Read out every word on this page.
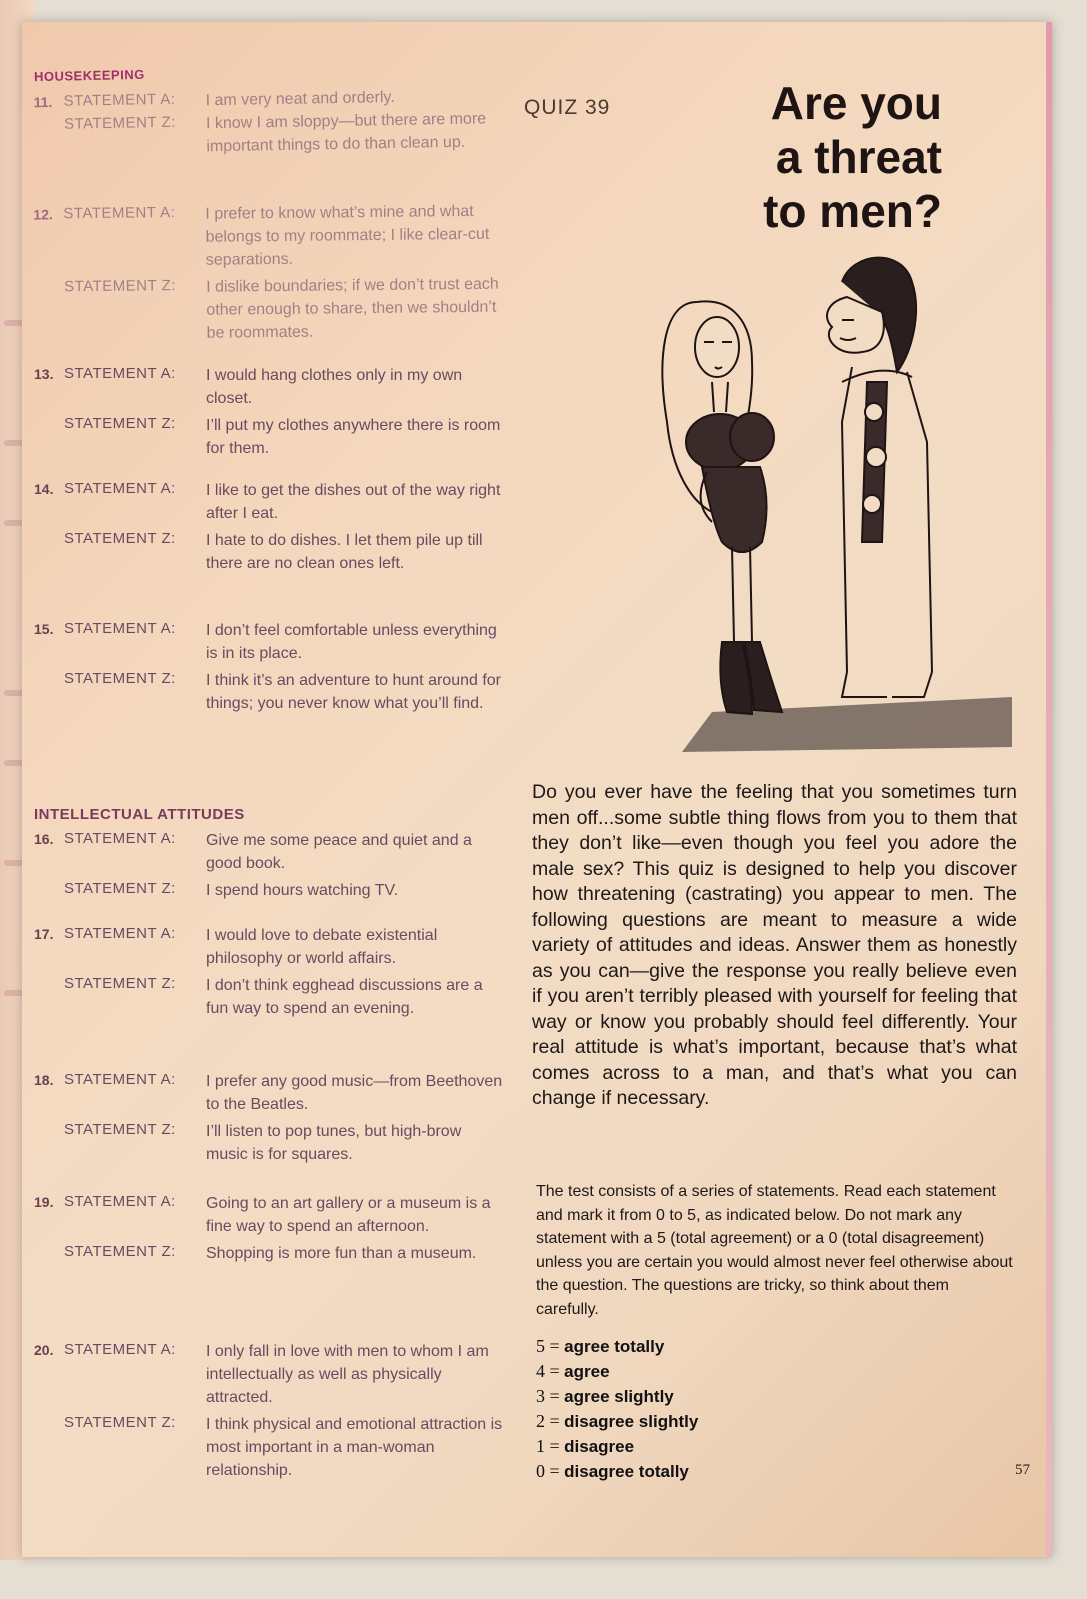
HOUSEKEEPING
11. STATEMENT A:	I am very neat and orderly.
STATEMENT Z:	I know I am sloppy—but there are more important things to do than clean up.
12. STATEMENT A:	I prefer to know what’s mine and what belongs to my roommate; I like clear-cut separations.
STATEMENT Z:	I dislike boundaries; if we don’t trust each other enough to share, then we shouldn’t be roommates.
13. STATEMENT A:	I would hang clothes only in my own closet.
STATEMENT Z:	I’ll put my clothes anywhere there is room for them.
14. STATEMENT A:	I like to get the dishes out of the way right after I eat.
STATEMENT Z:	I hate to do dishes. I let them pile up till there are no clean ones left.
15. STATEMENT A:	I don’t feel comfortable unless everything is in its place.
STATEMENT Z:	I think it’s an adventure to hunt around for things; you never know what you’ll find.
INTELLECTUAL ATTITUDES
16. STATEMENT A:	Give me some peace and quiet and a good book.
STATEMENT Z:	I spend hours watching TV.
17. STATEMENT A:	I would love to debate existential philosophy or world affairs.
STATEMENT Z:	I don’t think egghead discussions are a fun way to spend an evening.
18. STATEMENT A:	I prefer any good music—from Beethoven to the Beatles.
STATEMENT Z:	I’ll listen to pop tunes, but high-brow music is for squares.
19. STATEMENT A:	Going to an art gallery or a museum is a fine way to spend an afternoon.
STATEMENT Z:	Shopping is more fun than a museum.
20. STATEMENT A:	I only fall in love with men to whom I am intellectually as well as physically attracted.
STATEMENT Z:	I think physical and emotional attraction is most important in a man-woman relationship.
QUIZ 39	Are you
a threat
to men?
Do you ever have the feeling that you sometimes turn men off...some subtle thing flows from you to them that they don’t like—even though you feel you adore the male sex? This quiz is designed to help you discover how threatening (castrating) you appear to men. The following questions are meant to measure a wide variety of attitudes and ideas. Answer them as honestly as you can—give the response you really believe even if you aren’t terribly pleased with yourself for feeling that way or know you probably should feel differently. Your real attitude is what’s important, because that’s what comes across to a man, and that’s what you can change if necessary.
The test consists of a series of statements. Read each statement and mark it from 0 to 5, as indicated below. Do not mark any statement with a 5 (total agreement) or a 0 (total disagreement) unless you are certain you would almost never feel otherwise about the question. The questions are tricky, so think about them carefully.
5 = agree totally
4 = agree
3 = agree slightly
2 = disagree slightly
1 = disagree
0 = disagree totally	57
